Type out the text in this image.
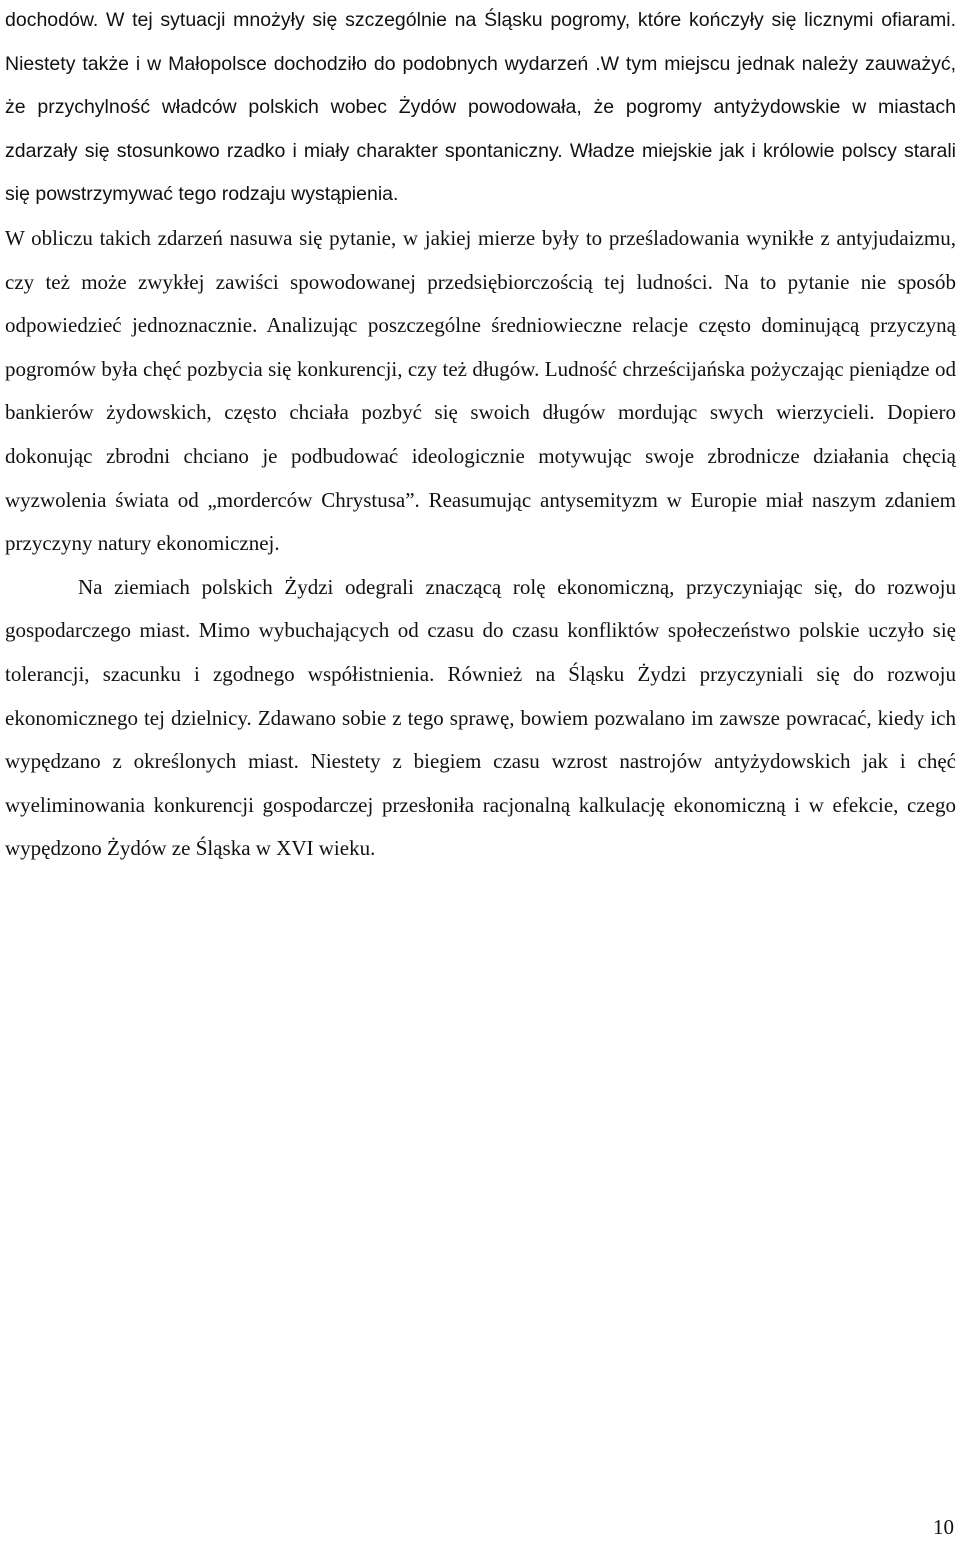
dochodów. W tej sytuacji mnożyły się szczególnie na Śląsku pogromy, które kończyły się licznymi ofiarami. Niestety także i w Małopolsce dochodziło do podobnych wydarzeń .W tym miejscu jednak należy zauważyć, że przychylność władców polskich wobec Żydów powodowała, że pogromy antyżydowskie w miastach zdarzały się stosunkowo rzadko i miały charakter spontaniczny. Władze miejskie jak i królowie polscy starali się powstrzymywać tego rodzaju wystąpienia.

W obliczu takich zdarzeń nasuwa się pytanie, w jakiej mierze były to prześladowania wynikłe z antyjudaizmu, czy też może zwykłej zawiści spowodowanej przedsiębiorczością tej ludności. Na to pytanie nie sposób odpowiedzieć jednoznacznie. Analizując poszczególne średniowieczne relacje często dominującą przyczyną pogromów była chęć pozbycia się konkurencji, czy też długów. Ludność chrześcijańska pożyczając pieniądze od bankierów żydowskich, często chciała pozbyć się swoich długów mordując swych wierzycieli. Dopiero dokonując zbrodni chciano je podbudować ideologicznie motywując swoje zbrodnicze działania chęcią wyzwolenia świata od „morderców Chrystusa”. Reasumując antysemityzm w Europie miał naszym zdaniem przyczyny natury ekonomicznej.

Na ziemiach polskich Żydzi odegrali znaczącą rolę ekonomiczną, przyczyniając się, do rozwoju gospodarczego miast. Mimo wybuchających od czasu do czasu konfliktów społeczeństwo polskie uczyło się tolerancji, szacunku i zgodnego współistnienia. Również na Śląsku Żydzi przyczyniali się do rozwoju ekonomicznego tej dzielnicy. Zdawano sobie z tego sprawę, bowiem pozwalano im zawsze powracać, kiedy ich wypędzano z określonych miast. Niestety z biegiem czasu wzrost nastrojów antyżydowskich jak i chęć wyeliminowania konkurencji gospodarczej przesłoniła racjonalną kalkulację ekonomiczną i w efekcie, czego wypędzono Żydów ze Śląska w XVI wieku.

10
